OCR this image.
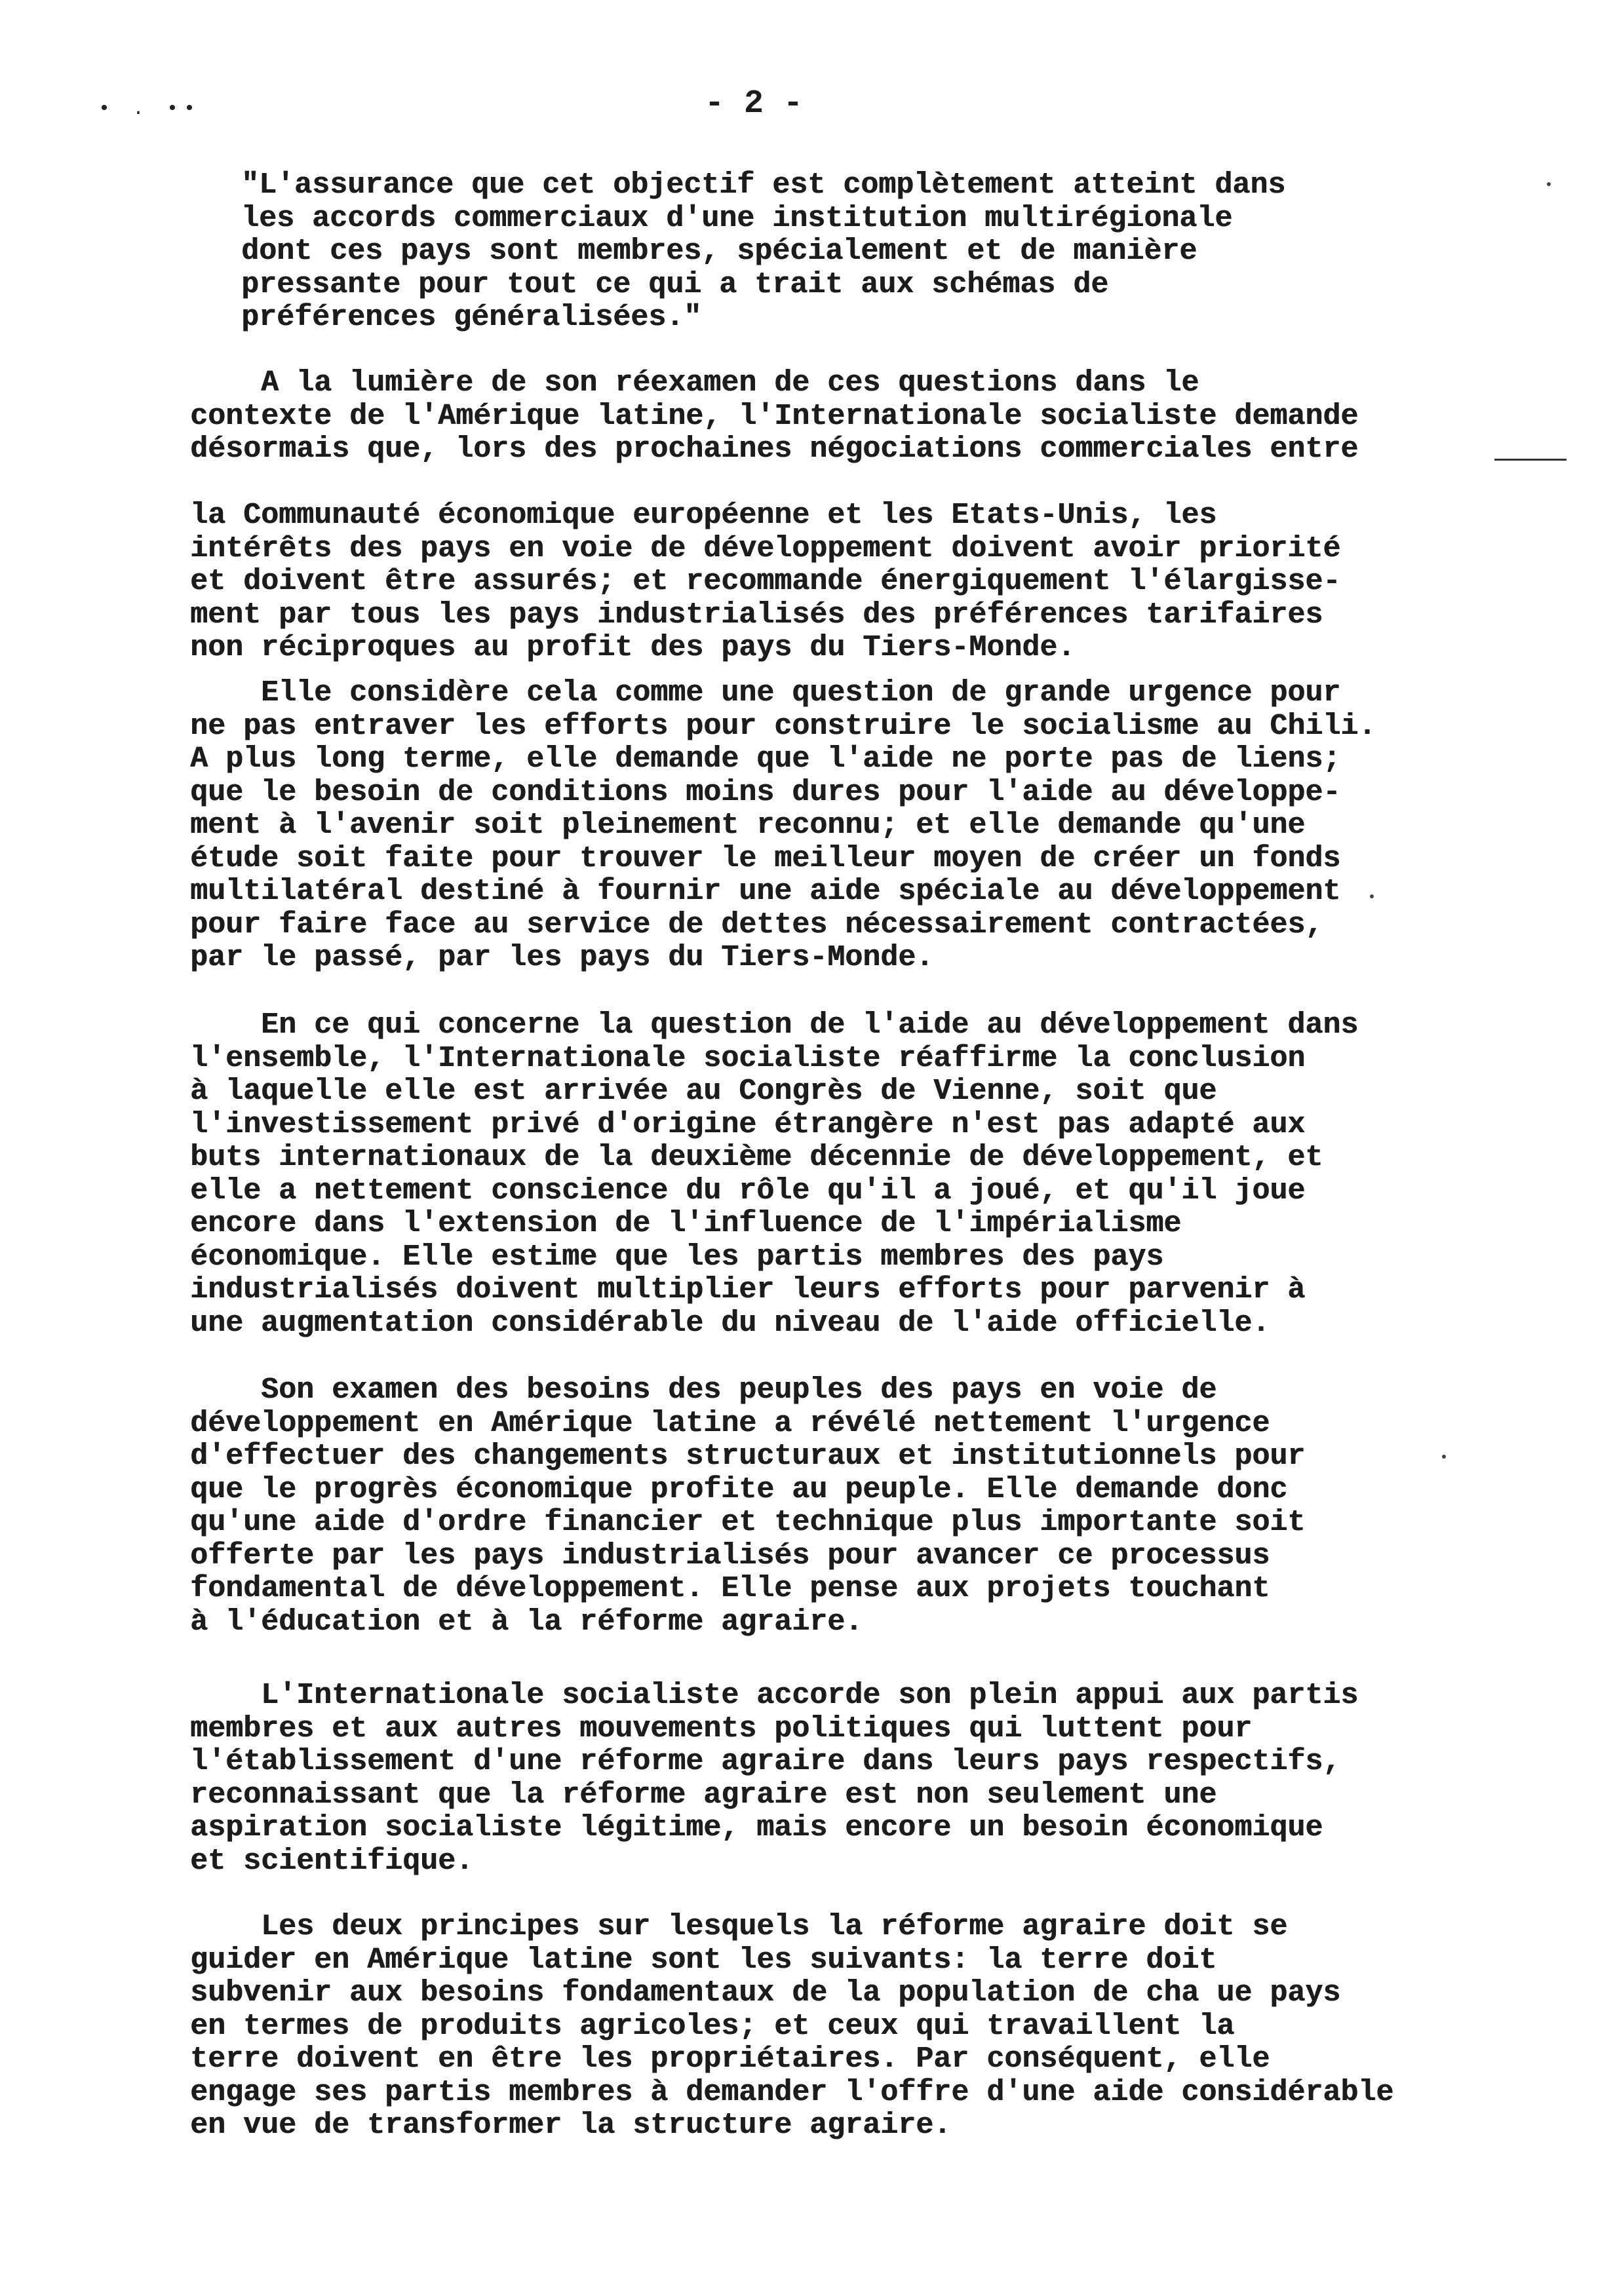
• . ••	- 2 -
"L'assurance que cet objectif est complètement atteint dans
les accords commerciaux d'une institution multirégionale
dont ces pays sont membres, spécialement et de manière
pressante pour tout ce qui a trait aux schémas de
préférences généralisées."
A la lumière de son réexamen de ces questions dans le
contexte de l'Amérique latine, l'Internationale socialiste demande
désormais que, lors des prochaines négociations commerciales entre

la Communauté économique européenne et les Etats-Unis, les
intérêts des pays en voie de développement doivent avoir priorité
et doivent être assurés; et recommande énergiquement l'élargisse-
ment par tous les pays industrialisés des préférences tarifaires
non réciproques au profit des pays du Tiers-Monde.
Elle considère cela comme une question de grande urgence pour
ne pas entraver les efforts pour construire le socialisme au Chili.
A plus long terme, elle demande que l'aide ne porte pas de liens;
que le besoin de conditions moins dures pour l'aide au développe-
ment à l'avenir soit pleinement reconnu; et elle demande qu'une
étude soit faite pour trouver le meilleur moyen de créer un fonds
multilatéral destiné à fournir une aide spéciale au développement
pour faire face au service de dettes nécessairement contractées,
par le passé, par les pays du Tiers-Monde.
En ce qui concerne la question de l'aide au développement dans
l'ensemble, l'Internationale socialiste réaffirme la conclusion
à laquelle elle est arrivée au Congrès de Vienne, soit que
l'investissement privé d'origine étrangère n'est pas adapté aux
buts internationaux de la deuxième décennie de développement, et
elle a nettement conscience du rôle qu'il a joué, et qu'il joue
encore dans l'extension de l'influence de l'impérialisme
économique. Elle estime que les partis membres des pays
industrialisés doivent multiplier leurs efforts pour parvenir à
une augmentation considérable du niveau de l'aide officielle.
Son examen des besoins des peuples des pays en voie de
développement en Amérique latine a révélé nettement l'urgence
d'effectuer des changements structuraux et institutionnels pour
que le progrès économique profite au peuple. Elle demande donc
qu'une aide d'ordre financier et technique plus importante soit
offerte par les pays industrialisés pour avancer ce processus
fondamental de développement. Elle pense aux projets touchant
à l'éducation et à la réforme agraire.
L'Internationale socialiste accorde son plein appui aux partis
membres et aux autres mouvements politiques qui luttent pour
l'établissement d'une réforme agraire dans leurs pays respectifs,
reconnaissant que la réforme agraire est non seulement une
aspiration socialiste légitime, mais encore un besoin économique
et scientifique.
Les deux principes sur lesquels la réforme agraire doit se
guider en Amérique latine sont les suivants: la terre doit
subvenir aux besoins fondamentaux de la population de cha ue pays
en termes de produits agricoles; et ceux qui travaillent la
terre doivent en être les propriétaires. Par conséquent, elle
engage ses partis membres à demander l'offre d'une aide considérable
en vue de transformer la structure agraire.
